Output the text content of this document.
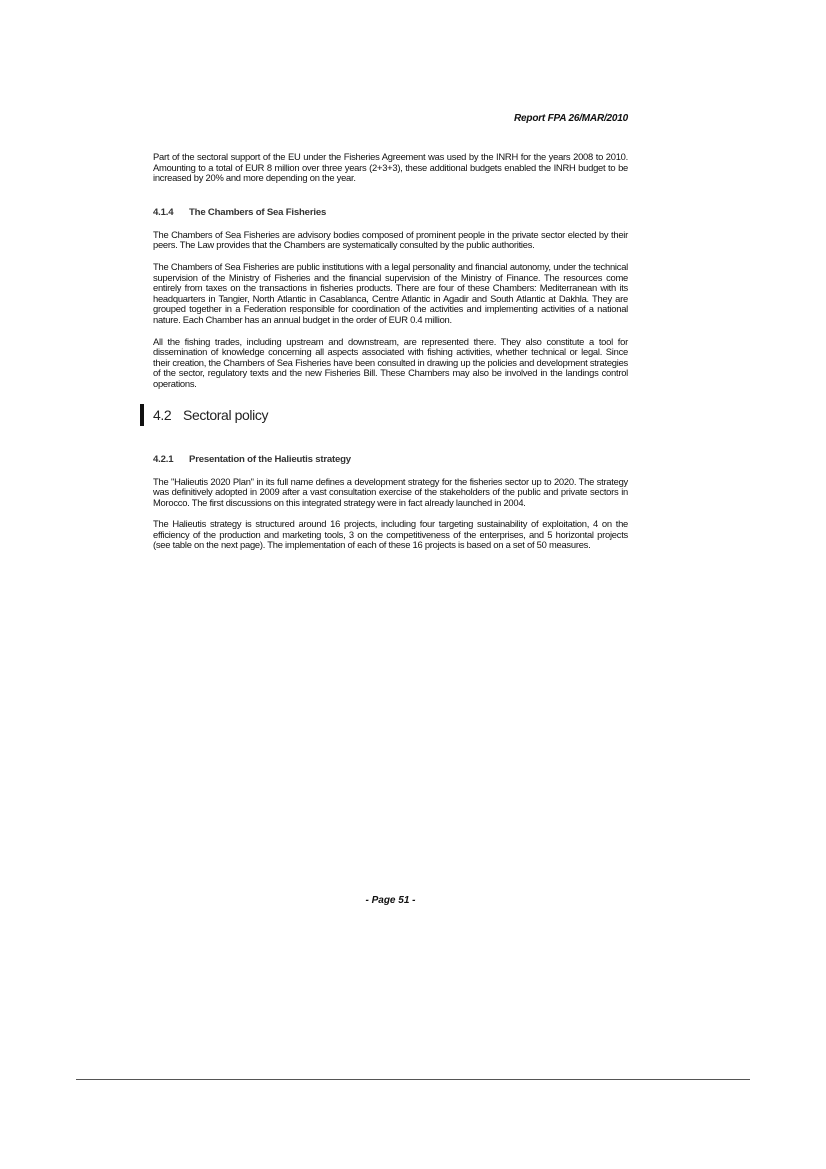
Report FPA 26/MAR/2010

Part of the sectoral support of the EU under the Fisheries Agreement was used by the INRH for the years 2008 to 2010. Amounting to a total of EUR 8 million over three years (2+3+3), these additional budgets enabled the INRH budget to be increased by 20% and more depending on the year.

4.1.4 The Chambers of Sea Fisheries

The Chambers of Sea Fisheries are advisory bodies composed of prominent people in the private sector elected by their peers. The Law provides that the Chambers are systematically consulted by the public authorities.

The Chambers of Sea Fisheries are public institutions with a legal personality and financial autonomy, under the technical supervision of the Ministry of Fisheries and the financial supervision of the Ministry of Finance. The resources come entirely from taxes on the transactions in fisheries products. There are four of these Chambers: Mediterranean with its headquarters in Tangier, North Atlantic in Casablanca, Centre Atlantic in Agadir and South Atlantic at Dakhla. They are grouped together in a Federation responsible for coordination of the activities and implementing activities of a national nature. Each Chamber has an annual budget in the order of EUR 0.4 million.

All the fishing trades, including upstream and downstream, are represented there. They also constitute a tool for dissemination of knowledge concerning all aspects associated with fishing activities, whether technical or legal. Since their creation, the Chambers of Sea Fisheries have been consulted in drawing up the policies and development strategies of the sector, regulatory texts and the new Fisheries Bill. These Chambers may also be involved in the landings control operations.

4.2 Sectoral policy
4.2.1 Presentation of the Halieutis strategy

The "Halieutis 2020 Plan" in its full name defines a development strategy for the fisheries sector up to 2020. The strategy was definitively adopted in 2009 after a vast consultation exercise of the stakeholders of the public and private sectors in Morocco. The first discussions on this integrated strategy were in fact already launched in 2004.

The Halieutis strategy is structured around 16 projects, including four targeting sustainability of exploitation, 4 on the efficiency of the production and marketing tools, 3 on the competitiveness of the enterprises, and 5 horizontal projects (see table on the next page). The implementation of each of these 16 projects is based on a set of 50 measures.

- Page 51 -
